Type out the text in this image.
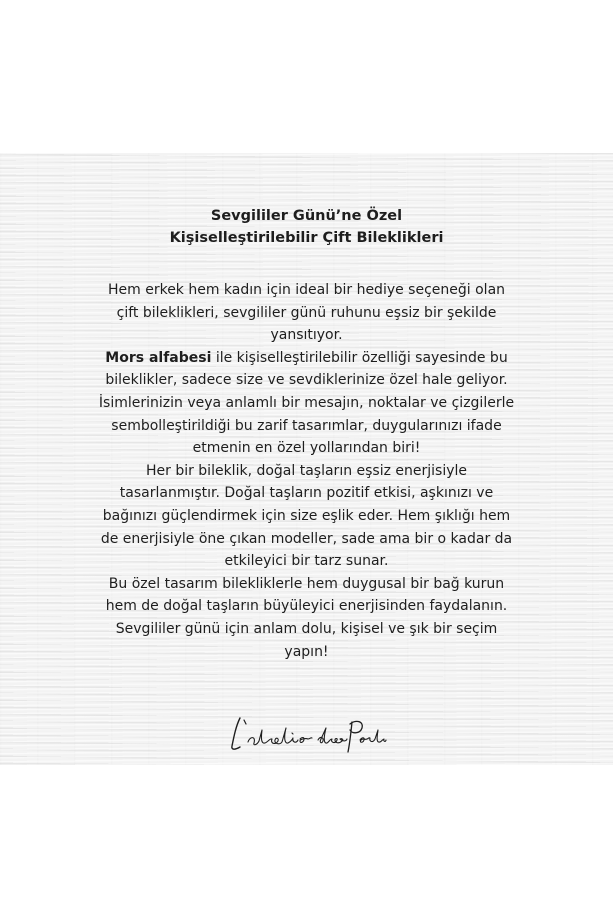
Sevgililer Günü’ne Özel
Kişiselleştirilebilir Çift Bileklikleri
Hem erkek hem kadın için ideal bir hediye seçeneği olan
çift bileklikleri, sevgililer günü ruhunu eşsiz bir şekilde
yansıtıyor.
Mors alfabesi ile kişiselleştirilebilir özelliği sayesinde bu
bileklikler, sadece size ve sevdiklerinize özel hale geliyor.
İsimlerinizin veya anlamlı bir mesajın, noktalar ve çizgilerle
sembolleştirildiği bu zarif tasarımlar, duygularınızı ifade
etmenin en özel yollarından biri!
Her bir bileklik, doğal taşların eşsiz enerjisiyle
tasarlanmıştır. Doğal taşların pozitif etkisi, aşkınızı ve
bağınızı güçlendirmek için size eşlik eder. Hem şıklığı hem
de enerjisiyle öne çıkan modeller, sade ama bir o kadar da
etkileyici bir tarz sunar.
Bu özel tasarım bilekliklerle hem duygusal bir bağ kurun
hem de doğal taşların büyüleyici enerjisinden faydalanın.
Sevgililer günü için anlam dolu, kişisel ve şık bir seçim
yapın!
